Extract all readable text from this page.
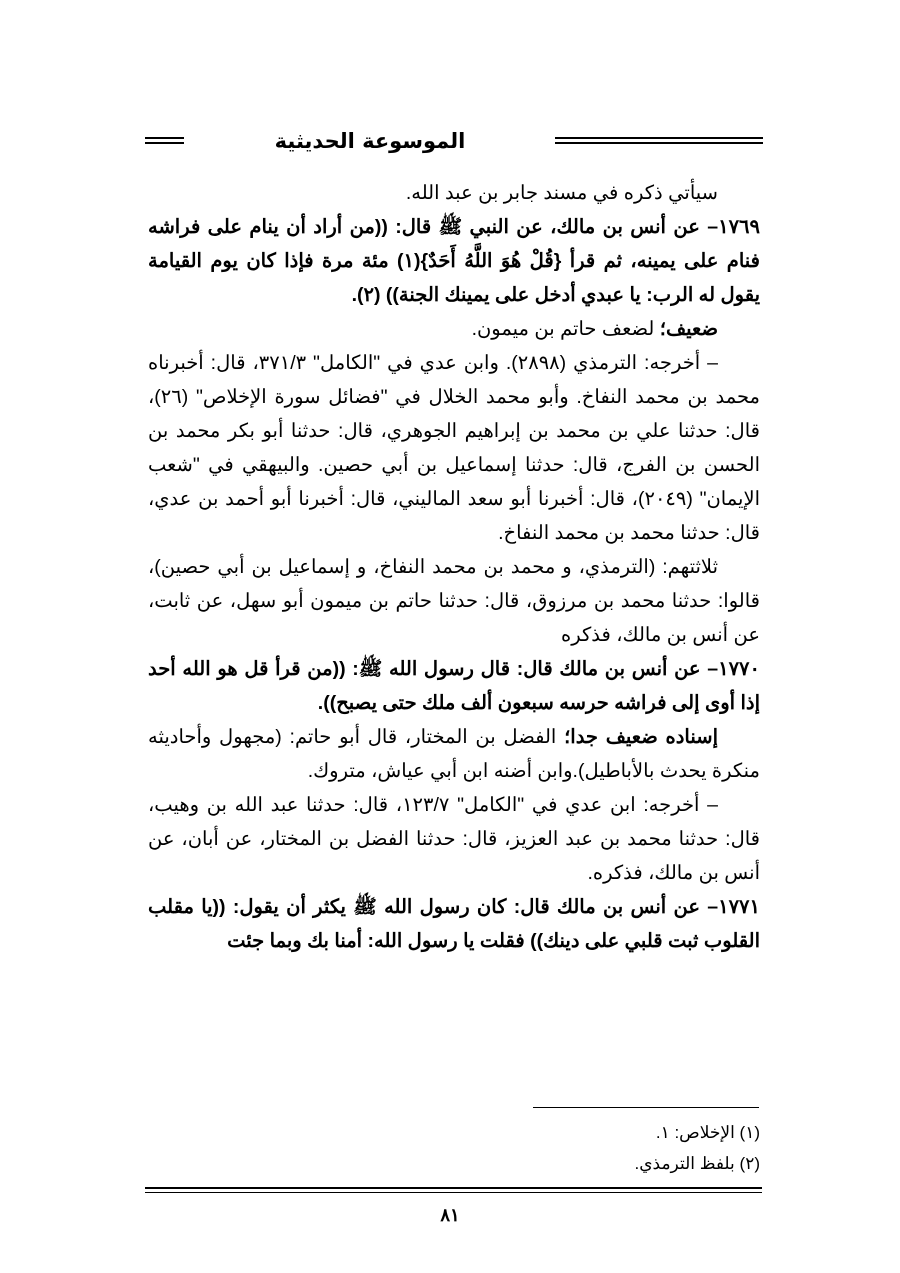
الموسوعة الحديثية

سيأتي ذكره في مسند جابر بن عبد الله.

١٧٦٩– عن أنس بن مالك، عن النبي ﷺ قال: ((من أراد أن ينام على فراشه فنام على يمينه، ثم قرأ {قُلْ هُوَ اللَّهُ أَحَدٌ}(١) مئة مرة فإذا كان يوم القيامة يقول له الرب: يا عبدي أدخل على يمينك الجنة)) (٢).

ضعيف؛ لضعف حاتم بن ميمون.

– أخرجه: الترمذي (٢٨٩٨). وابن عدي في "الكامل" ٣٧١/٣، قال: أخبرناه محمد بن محمد النفاخ. وأبو محمد الخلال في "فضائل سورة الإخلاص" (٢٦)، قال: حدثنا علي بن محمد بن إبراهيم الجوهري، قال: حدثنا أبو بكر محمد بن الحسن بن الفرج، قال: حدثنا إسماعيل بن أبي حصين. والبيهقي في "شعب الإيمان" (٢٠٤٩)، قال: أخبرنا أبو سعد الماليني، قال: أخبرنا أبو أحمد بن عدي، قال: حدثنا محمد بن محمد النفاخ.

ثلاثتهم: (الترمذي، و محمد بن محمد النفاخ، و إسماعيل بن أبي حصين)، قالوا: حدثنا محمد بن مرزوق، قال: حدثنا حاتم بن ميمون أبو سهل، عن ثابت، عن أنس بن مالك، فذكره

١٧٧٠– عن أنس بن مالك قال: قال رسول الله ﷺ: ((من قرأ قل هو الله أحد إذا أوى إلى فراشه حرسه سبعون ألف ملك حتى يصبح)).

إسناده ضعيف جدا؛ الفضل بن المختار، قال أبو حاتم: (مجهول وأحاديثه منكرة يحدث بالأباطيل).وابن أضنه ابن أبي عياش، متروك.

– أخرجه: ابن عدي في "الكامل" ١٢٣/٧، قال: حدثنا عبد الله بن وهيب، قال: حدثنا محمد بن عبد العزيز، قال: حدثنا الفضل بن المختار، عن أبان، عن أنس بن مالك، فذكره.

١٧٧١– عن أنس بن مالك قال: كان رسول الله ﷺ يكثر أن يقول: ((يا مقلب القلوب ثبت قلبي على دينك)) فقلت يا رسول الله: أمنا بك وبما جئت

(١) الإخلاص: ١.

(٢) بلفظ الترمذي.

٨١
